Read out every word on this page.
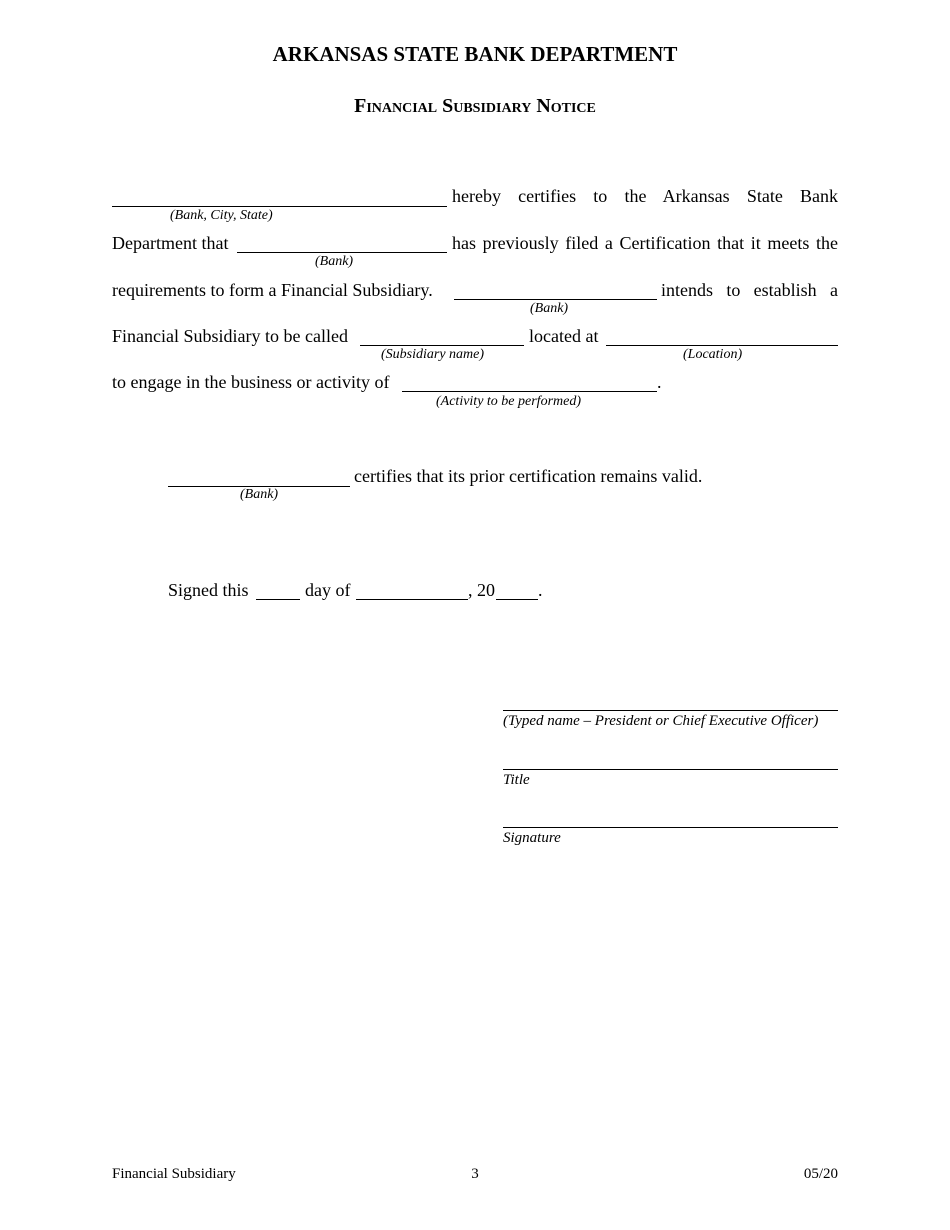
ARKANSAS STATE BANK DEPARTMENT
Financial Subsidiary Notice
hereby certifies to the Arkansas State Bank
(Bank, City, State)
Department that	has previously filed a Certification that it meets the
(Bank)
requirements to form a Financial Subsidiary.	intends to establish a
(Bank)
Financial Subsidiary to be called	located at
(Subsidiary name)	(Location)
to engage in the business or activity of	.
(Activity to be performed)
certifies that its prior certification remains valid.
(Bank)
Signed this	day of	, 20 .
(Typed name – President or Chief Executive Officer)
Title
Signature
Financial Subsidiary	3	05/20
